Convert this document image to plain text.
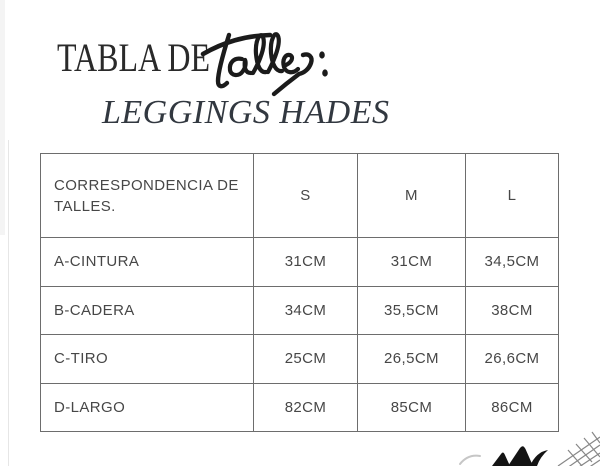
TABLA DE
LEGGINGS HADES
CORRESPONDENCIA DE TALLES.	S	M	L
A-CINTURA	31CM	31CM	34,5CM
B-CADERA	34CM	35,5CM	38CM
C-TIRO	25CM	26,5CM	26,6CM
D-LARGO	82CM	85CM	86CM
